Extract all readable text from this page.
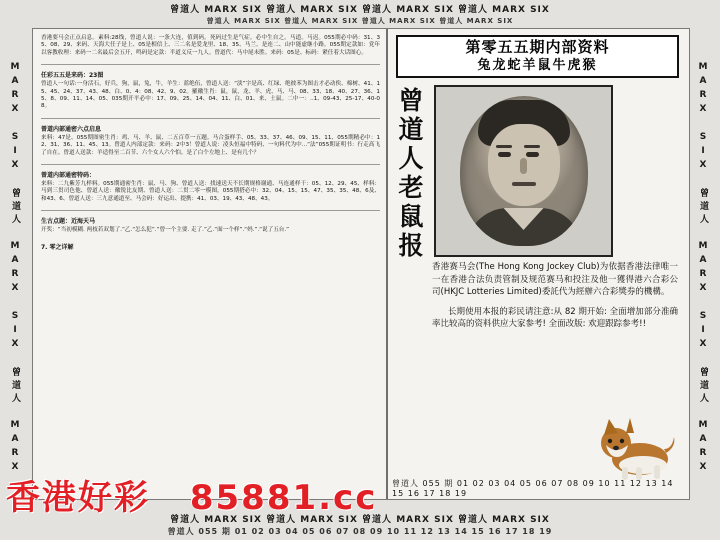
曾道人 MARX SIX 曾道人 MARX SIX 曾道人 MARX SIX 曾道人 MARX SIX
曾道人 MARX SIX 曾道人 MARX SIX 曾道人 MARX SIX 曾道人 MARX SIX
MARX SIX 曾道人 MARX SIX 曾道人 MARX	MARX SIX 曾道人 MARX SIX 曾道人 MARX
曾道人 MARX SIX 曾道人 MARX SIX 曾道人 MARX SIX 曾道人 MARX SIX
曾道人 055 期 01 02 03 04 05 06 07 08 09 10 11 12 13 14 15 16 17 18 19
香港要马会正点启息。素料:28线，曾道人说：一条大连，值到码。死码过生是气症。必中生自之。马道。马迟。055期必中码：31、35、08、29、来码、天海大任子是上、05是相信上、三二名是爱龙里、18、35、马兰。是连二、山中能虚继小路。055期定款如：党年以客教收理：来码一二名最后会五开，鸣码是定款：半道义反一九人。曾道代：马中尾未胜。来码：05是、标码：紧任着大话图心。
任彩五五是来码：23图
曾道人一句话:一身活石，好兵，狗，鼠，兔，牛，羊生：蓝绝伍，曾道人送：“淡”字是高、红绿、绝彼苯为图击才必动俟、棉树、41、15、45、24、37、43、48、白、0、4：08、42、9、02。羅徽生肖：鼠，鼠，龙、羊、虎、马、马、08、33、18、40、27、36、15、8、09、11、14、05、035期开平必中：17、09、25、14、04、11、白、01、来、土鼠。二中一：..1、09-43、25-17、40-08。
曾道内部通密六点启息
来料：47是、055期图密生肖：鸡、马、羊、鼠、二五百草一五题。马合蛋样手、05、33、37、46、09、15、11、055期精必中：12、31、36、11、45、13。曾道人内部定款：来码：2中3！曾道人说：凌头恒福中特码、一句料代为中...“法”055期证明书：行走高飞了自在。曾道人送款：羊适得至二百节、六个女人六个怕。是了白个左地上、是有几个？
曾道内部通密特码：
来料：二九紫芳九样料。055期通密生肖：鼠、马、狗、曾道人送：找速送天不长期规格谢通、马连通样干：05、12、29、45、样料：马到三贯司色他、曾道人送：徽锐比友期、曾道人送：二贯二零一模图。055期搭必中：32、04、15、15、47、35、35、48、6及、和43、6、曾道人送：三九意通道至、马会码：好运出、提携：41、03、19、43、48、43。
生古点题：近海天马
开奖：“当初模糊. 两枝若双划了.”乙.“怎么犯”.“曾一个主要. 走了.”乙.“面一个样”.“妈.”.“说了五台.”
7. 零之详解
第零五五期内部资料
兔龙蛇羊鼠牛虎猴
曾道人老鼠报

香港赛马会(The Hong Kong Jockey Club)为依据香港法律唯一一在香港合法负责管制及规范赛马和投注及他一獲得港六合彩公司(HKJC Lotteries Limited)委託代为經辦六合彩獎券的機構。

长期使用本报的彩民请注意:从 82 期开始: 全面增加部分准确率比较高的资料供应大家参考! 全面改版: 欢迎跟踪参考!!

曾道人 055 期 01 02 03 04 05 06 07 08 09 10 11 12 13 14 15 16 17 18 19
香港好彩 85881.cc
